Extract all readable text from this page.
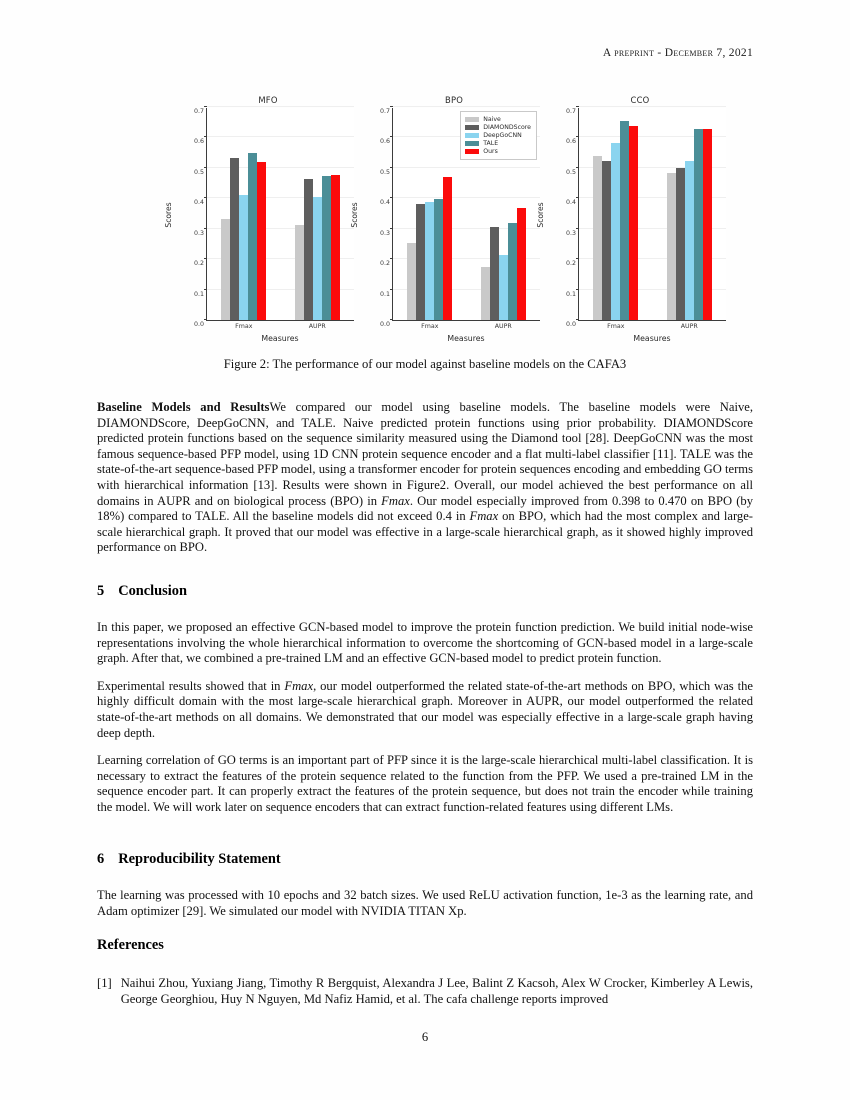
A preprint - December 7, 2021
MFO
Scores
0.0
0.1
0.2
0.3
0.4
0.5
0.6
0.7
Fmax	AUPR
Measures
BPO
Scores
0.0
0.1
0.2
0.3
0.4
0.5
0.6
0.7
Fmax	AUPR
Naive
DIAMONDScore
DeepGoCNN
TALE
Ours
Measures
CCO
Scores
0.0
0.1
0.2
0.3
0.4
0.5
0.6
0.7
Fmax	AUPR
Measures
Figure 2: The performance of our model against baseline models on the CAFA3

Baseline Models and ResultsWe compared our model using baseline models. The baseline models were Naive, DIAMONDScore, DeepGoCNN, and TALE. Naive predicted protein functions using prior probability. DIAMONDScore predicted protein functions based on the sequence similarity measured using the Diamond tool [28]. DeepGoCNN was the most famous sequence-based PFP model, using 1D CNN protein sequence encoder and a flat multi-label classifier [11]. TALE was the state-of-the-art sequence-based PFP model, using a transformer encoder for protein sequences encoding and embedding GO terms with hierarchical information [13]. Results were shown in Figure2. Overall, our model achieved the best performance on all domains in AUPR and on biological process (BPO) in Fmax. Our model especially improved from 0.398 to 0.470 on BPO (by 18%) compared to TALE. All the baseline models did not exceed 0.4 in Fmax on BPO, which had the most complex and large-scale hierarchical graph. It proved that our model was effective in a large-scale hierarchical graph, as it showed highly improved performance on BPO.

5 Conclusion

In this paper, we proposed an effective GCN-based model to improve the protein function prediction. We build initial node-wise representations involving the whole hierarchical information to overcome the shortcoming of GCN-based model in a large-scale graph. After that, we combined a pre-trained LM and an effective GCN-based model to predict protein function.

Experimental results showed that in Fmax, our model outperformed the related state-of-the-art methods on BPO, which was the highly difficult domain with the most large-scale hierarchical graph. Moreover in AUPR, our model outperformed the related state-of-the-art methods on all domains. We demonstrated that our model was especially effective in a large-scale graph having deep depth.

Learning correlation of GO terms is an important part of PFP since it is the large-scale hierarchical multi-label classification. It is necessary to extract the features of the protein sequence related to the function from the PFP. We used a pre-trained LM in the sequence encoder part. It can properly extract the features of the protein sequence, but does not train the encoder while training the model. We will work later on sequence encoders that can extract function-related features using different LMs.

6 Reproducibility Statement

The learning was processed with 10 epochs and 32 batch sizes. We used ReLU activation function, 1e-3 as the learning rate, and Adam optimizer [29]. We simulated our model with NVIDIA TITAN Xp.

References
[1] Naihui Zhou, Yuxiang Jiang, Timothy R Bergquist, Alexandra J Lee, Balint Z Kacsoh, Alex W Crocker, Kimberley A Lewis, George Georghiou, Huy N Nguyen, Md Nafiz Hamid, et al. The cafa challenge reports improved
6
